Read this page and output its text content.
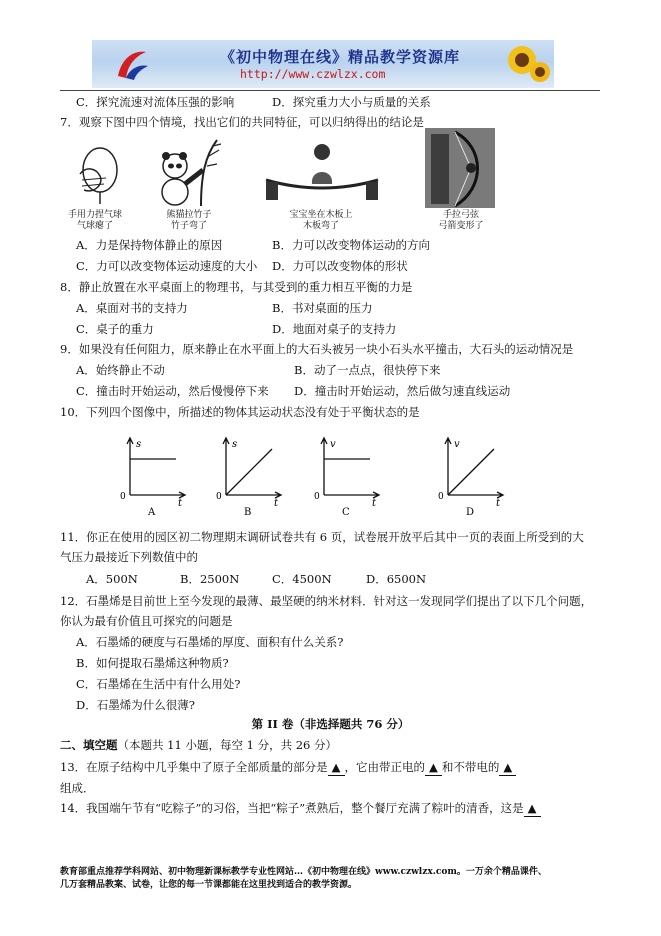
《初中物理在线》精品教学资源库
http://www.czwlzx.com
C．探究流速对流体压强的影响	D．探究重力大小与质量的关系
7．观察下图中四个情境，找出它们的共同特征，可以归纳得出的结论是
手用力捏气球
气球瘪了
熊猫拉竹子
竹子弯了
宝宝坐在木板上
木板弯了
手拉弓弦
弓箭变形了
A．力是保持物体静止的原因	B．力可以改变物体运动的方向
C．力可以改变物体运动速度的大小 D．力可以改变物体的形状
8．静止放置在水平桌面上的物理书，与其受到的重力相互平衡的力是
A．桌面对书的支持力	B．书对桌面的压力
C．桌子的重力	D．地面对桌子的支持力
9．如果没有任何阻力，原来静止在水平面上的大石头被另一块小石头水平撞击，大石头的运动情况是
A．始终静止不动	B．动了一点点，很快停下来
C．撞击时开始运动，然后慢慢停下来 D．撞击时开始运动，然后做匀速直线运动
10．下列四个图像中，所描述的物体其运动状态没有处于平衡状态的是
s
t
0
A
s
t
0
B
v
t
0
C
v
t
0
D
11．你正在使用的园区初二物理期末调研试卷共有 6 页，试卷展开放平后其中一页的表面上所受到的大
气压力最接近下列数值中的
A．500N	B．2500N	C．4500N	D．6500N
12．石墨烯是目前世上至今发现的最薄、最坚硬的纳米材料．针对这一发现同学们提出了以下几个问题，
你认为最有价值且可探究的问题是
A．石墨烯的硬度与石墨烯的厚度、面积有什么关系?
B．如何提取石墨烯这种物质?
C．石墨烯在生活中有什么用处?
D．石墨烯为什么很薄?
第 II 卷（非选择题共 76 分）
二、填空题（本题共 11 小题，每空 1 分，共 26 分）
13．在原子结构中几乎集中了原子全部质量的部分是 ▲ ，它由带正电的 ▲ 和不带电的 ▲
组成．
14．我国端午节有“吃粽子”的习俗，当把“粽子”煮熟后，整个餐厅充满了粽叶的清香，这是 ▲
教育部重点推荐学科网站、初中物理新课标教学专业性网站…《初中物理在线》www.czwlzx.com。一万余个精品课件、
几万套精品教案、试卷，让您的每一节课都能在这里找到适合的教学资源。
